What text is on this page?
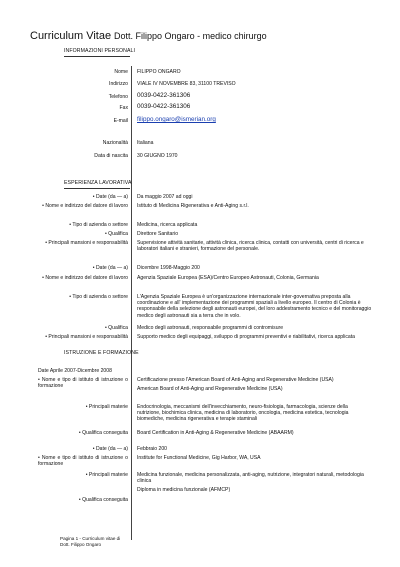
Curriculum Vitae Dott. Filippo Ongaro - medico chirurgo
INFORMAZIONI PERSONALI
Nome FILIPPO ONGARO
Indirizzo VIALE IV NOVEMBRE 83, 31100 TREVISO
Telefono 0039-0422-361306
Fax 0039-0422-361306
E-mail filippo.ongaro@ismerian.org
Nazionalità Italiana
Data di nascita 30 GIUGNO 1970
ESPERIENZA LAVORATIVA
• Date (da — a) Da maggio 2007 ad oggi
• Nome e indirizzo del datore di lavoro Istituto di Medicina Rigenerativa e Anti-Aging s.r.l.
• Tipo di azienda o settore Medicina, ricerca applicata
• Qualifica Direttore Sanitario
• Principali mansioni e responsabilità Supervisione attività sanitarie, attività clinica, ricerca clinica, contatti con università, centri di ricerca e laboratori italiani e stranieri, formazione del personale.
• Date (da — a) Dicembre 1998-Maggio 200
• Nome e indirizzo del datore di lavoro Agenzia Spaziale Europea (ESA)/Centro Europeo Astronauti, Colonia, Germania
• Tipo di azienda o settore L'Agenzia Spaziale Europea è un'organizzazione internazionale inter-governativa preposta alla coordinazione e all' implementazione dei programmi spaziali a livello europeo. Il centro di Colonia è responsabile della selezione degli astronauti europei, del loro addestramento tecnico e del monitoraggio medico degli astronauti sia a terra che in volo.
• Qualifica Medico degli astronauti, responsabile programmi di contromisure
• Principali mansioni e responsabilità Supporto medico degli equipaggi, sviluppo di programmi preventivi e riabilitativi, ricerca applicata
ISTRUZIONE E FORMAZIONE
Date Aprile 2007-Dicembre 2008
• Nome e tipo di istituto di istruzione o formazione
Certificazione presso l'American Board of Anti-Aging and Regenerative Medicine (USA)
American Board of Anti-Aging and Regenerative Medicine (USA)
• Principali materie Endocrinologia, meccanismi dell'invecchiamento, neuro-fisiologia, farmacologia, scienze della nutrizione, biochimica clinica, medicina di laboratorio, oncologia, medicina estetica, tecnologia biomediche, medicina rigenerativa e terapie staminali
• Qualifica conseguita Board Certification in Anti-Aging & Regenerative Medicine (ABAARM)
• Date (da — a) Febbraio 200
• Nome e tipo di istituto di istruzione o formazione
Institute for Functional Medicine, Gig Harbor, WA, USA
• Principali materie Medicina funzionale, medicina personalizzata, anti-aging, nutrizione, integratori naturali, metodologia clinica
Diploma in medicina funzionale (AFMCP)
• Qualifica conseguita
Pagina 1 - Curriculum vitae di
Dott. Filippo Ongaro
